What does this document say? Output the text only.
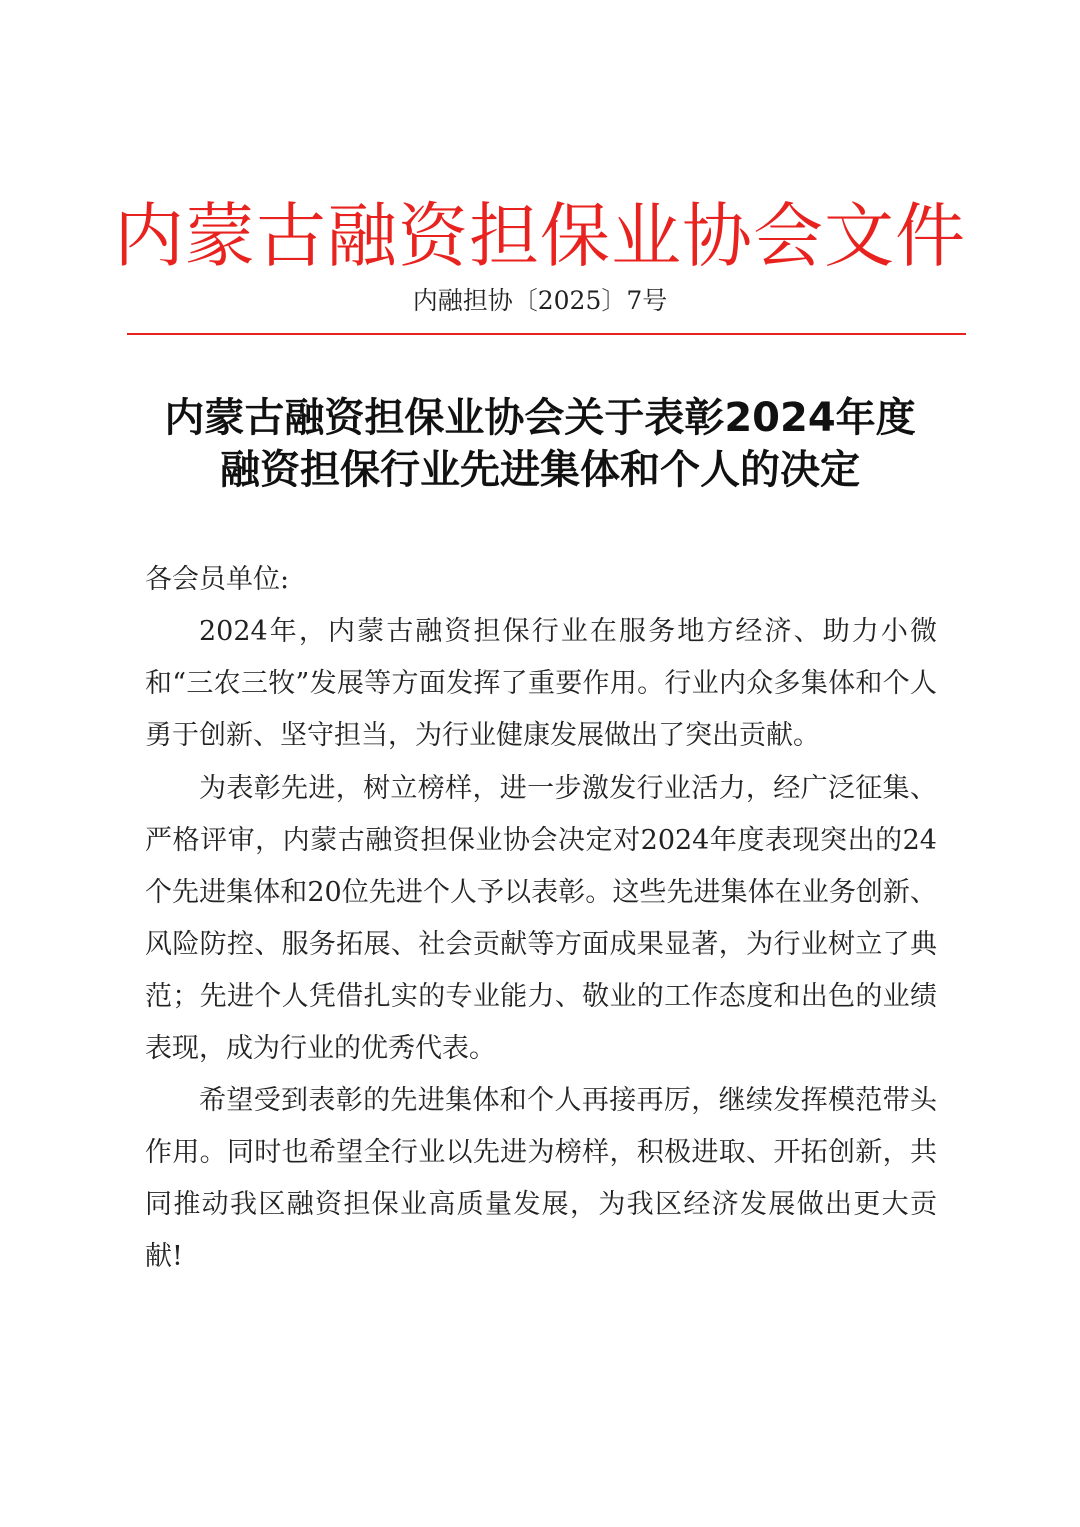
内蒙古融资担保业协会文件
内融担协〔2025〕7号
内蒙古融资担保业协会关于表彰2024年度
融资担保行业先进集体和个人的决定
各会员单位:

2024年，内蒙古融资担保行业在服务地方经济、助力小微和“三农三牧”发展等方面发挥了重要作用。行业内众多集体和个人勇于创新、坚守担当，为行业健康发展做出了突出贡献。

为表彰先进，树立榜样，进一步激发行业活力，经广泛征集、严格评审，内蒙古融资担保业协会决定对2024年度表现突出的24个先进集体和20位先进个人予以表彰。这些先进集体在业务创新、风险防控、服务拓展、社会贡献等方面成果显著，为行业树立了典范；先进个人凭借扎实的专业能力、敬业的工作态度和出色的业绩表现，成为行业的优秀代表。

希望受到表彰的先进集体和个人再接再厉，继续发挥模范带头作用。同时也希望全行业以先进为榜样，积极进取、开拓创新，共同推动我区融资担保业高质量发展，为我区经济发展做出更大贡献!
